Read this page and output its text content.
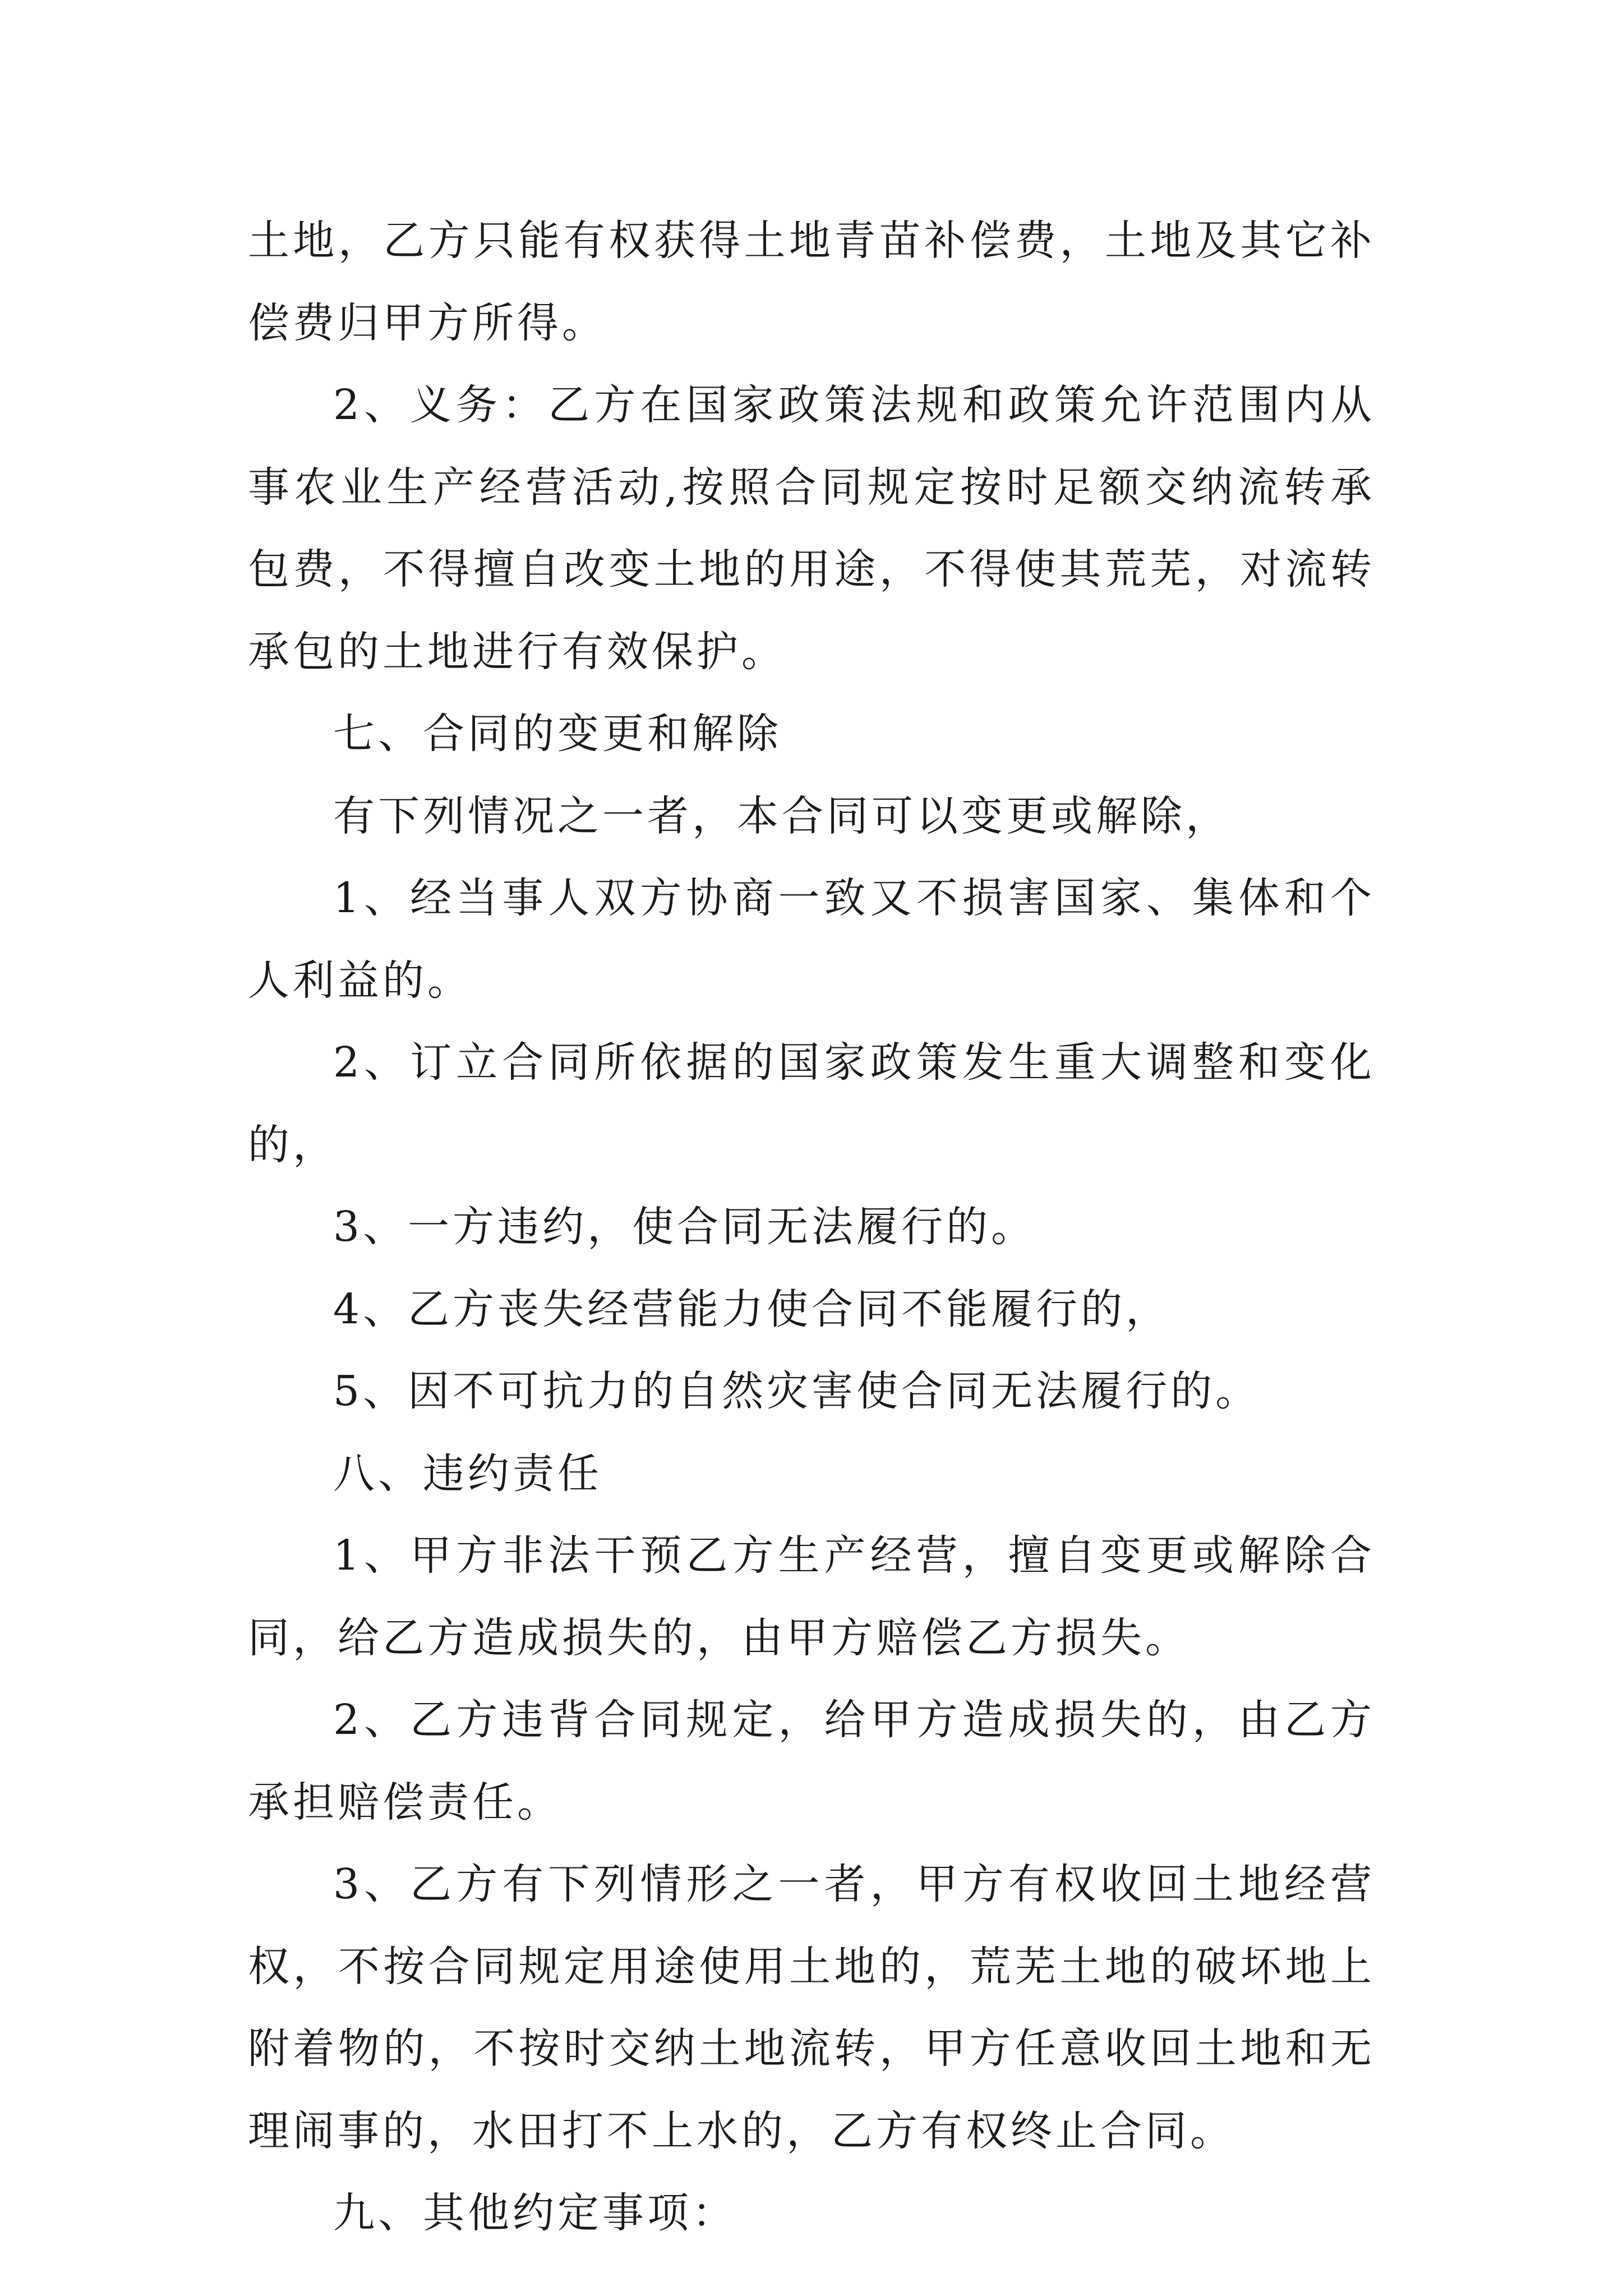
土地，乙方只能有权获得土地青苗补偿费，土地及其它补偿费归甲方所得。

2、义务：乙方在国家政策法规和政策允许范围内从事农业生产经营活动,按照合同规定按时足额交纳流转承包费，不得擅自改变土地的用途，不得使其荒芜，对流转承包的土地进行有效保护。

七、合同的变更和解除

有下列情况之一者，本合同可以变更或解除，

1、经当事人双方协商一致又不损害国家、集体和个人利益的。

2、订立合同所依据的国家政策发生重大调整和变化的，

3、一方违约，使合同无法履行的。

4、乙方丧失经营能力使合同不能履行的，

5、因不可抗力的自然灾害使合同无法履行的。

八、违约责任

1、甲方非法干预乙方生产经营，擅自变更或解除合同，给乙方造成损失的，由甲方赔偿乙方损失。

2、乙方违背合同规定，给甲方造成损失的，由乙方承担赔偿责任。

3、乙方有下列情形之一者，甲方有权收回土地经营权，不按合同规定用途使用土地的，荒芜土地的破坏地上附着物的，不按时交纳土地流转，甲方任意收回土地和无理闹事的，水田打不上水的，乙方有权终止合同。

九、其他约定事项：
